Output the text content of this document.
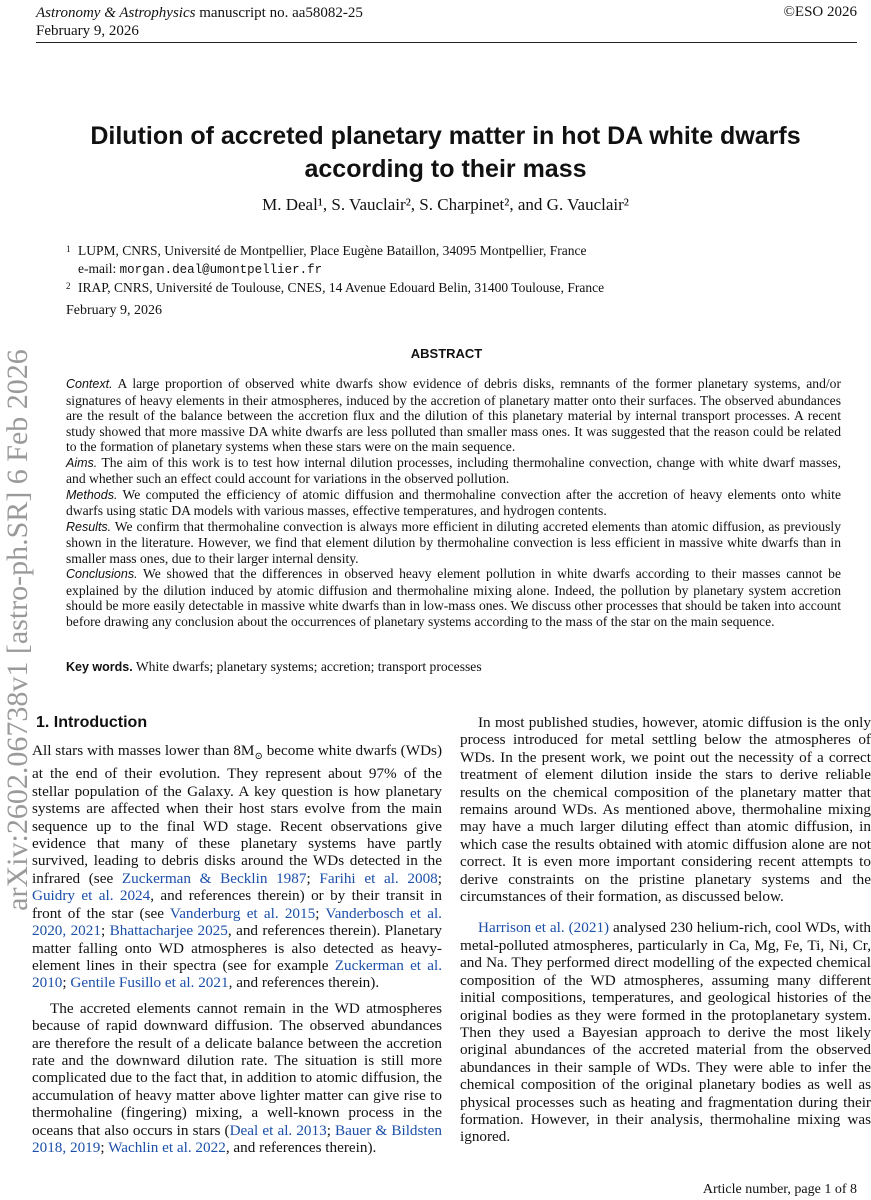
Astronomy & Astrophysics manuscript no. aa58082-25
February 9, 2026
©ESO 2026
arXiv:2602.06738v1 [astro-ph.SR] 6 Feb 2026
Dilution of accreted planetary matter in hot DA white dwarfs according to their mass
M. Deal¹, S. Vauclair², S. Charpinet², and G. Vauclair²
1 LUPM, CNRS, Université de Montpellier, Place Eugène Bataillon, 34095 Montpellier, France
e-mail: morgan.deal@umontpellier.fr
2 IRAP, CNRS, Université de Toulouse, CNES, 14 Avenue Edouard Belin, 31400 Toulouse, France
February 9, 2026
ABSTRACT

Context. A large proportion of observed white dwarfs show evidence of debris disks, remnants of the former planetary systems, and/or signatures of heavy elements in their atmospheres, induced by the accretion of planetary matter onto their surfaces. The observed abundances are the result of the balance between the accretion flux and the dilution of this planetary material by internal transport processes. A recent study showed that more massive DA white dwarfs are less polluted than smaller mass ones. It was suggested that the reason could be related to the formation of planetary systems when these stars were on the main sequence.

Aims. The aim of this work is to test how internal dilution processes, including thermohaline convection, change with white dwarf masses, and whether such an effect could account for variations in the observed pollution.

Methods. We computed the efficiency of atomic diffusion and thermohaline convection after the accretion of heavy elements onto white dwarfs using static DA models with various masses, effective temperatures, and hydrogen contents.

Results. We confirm that thermohaline convection is always more efficient in diluting accreted elements than atomic diffusion, as previously shown in the literature. However, we find that element dilution by thermohaline convection is less efficient in massive white dwarfs than in smaller mass ones, due to their larger internal density.

Conclusions. We showed that the differences in observed heavy element pollution in white dwarfs according to their masses cannot be explained by the dilution induced by atomic diffusion and thermohaline mixing alone. Indeed, the pollution by planetary system accretion should be more easily detectable in massive white dwarfs than in low-mass ones. We discuss other processes that should be taken into account before drawing any conclusion about the occurrences of planetary systems according to the mass of the star on the main sequence.

Key words. White dwarfs; planetary systems; accretion; transport processes
1. Introduction

All stars with masses lower than $8M_⊙$ become white dwarfs (WDs) at the end of their evolution. They represent about 97% of the stellar population of the Galaxy. A key question is how planetary systems are affected when their host stars evolve from the main sequence up to the final WD stage. Recent observations give evidence that many of these planetary systems have partly survived, leading to debris disks around the WDs detected in the infrared (see Zuckerman & Becklin 1987; Farihi et al. 2008; Guidry et al. 2024, and references therein) or by their transit in front of the star (see Vanderburg et al. 2015; Vanderbosch et al. 2020, 2021; Bhattacharjee 2025, and references therein). Planetary matter falling onto WD atmospheres is also detected as heavy-element lines in their spectra (see for example Zuckerman et al. 2010; Gentile Fusillo et al. 2021, and references therein).

The accreted elements cannot remain in the WD atmospheres because of rapid downward diffusion. The observed abundances are therefore the result of a delicate balance between the accretion rate and the downward dilution rate. The situation is still more complicated due to the fact that, in addition to atomic diffusion, the accumulation of heavy matter above lighter matter can give rise to thermohaline (fingering) mixing, a well-known process in the oceans that also occurs in stars (Deal et al. 2013; Bauer & Bildsten 2018, 2019; Wachlin et al. 2022, and references therein).

In most published studies, however, atomic diffusion is the only process introduced for metal settling below the atmospheres of WDs. In the present work, we point out the necessity of a correct treatment of element dilution inside the stars to derive reliable results on the chemical composition of the planetary matter that remains around WDs. As mentioned above, thermohaline mixing may have a much larger diluting effect than atomic diffusion, in which case the results obtained with atomic diffusion alone are not correct. It is even more important considering recent attempts to derive constraints on the pristine planetary systems and the circumstances of their formation, as discussed below.

Harrison et al. (2021) analysed 230 helium-rich, cool WDs, with metal-polluted atmospheres, particularly in Ca, Mg, Fe, Ti, Ni, Cr, and Na. They performed direct modelling of the expected chemical composition of the WD atmospheres, assuming many different initial compositions, temperatures, and geological histories of the original bodies as they were formed in the protoplanetary system. Then they used a Bayesian approach to derive the most likely original abundances of the accreted material from the observed abundances in their sample of WDs. They were able to infer the chemical composition of the original planetary bodies as well as physical processes such as heating and fragmentation during their formation. However, in their analysis, thermohaline mixing was ignored.

Article number, page 1 of 8
